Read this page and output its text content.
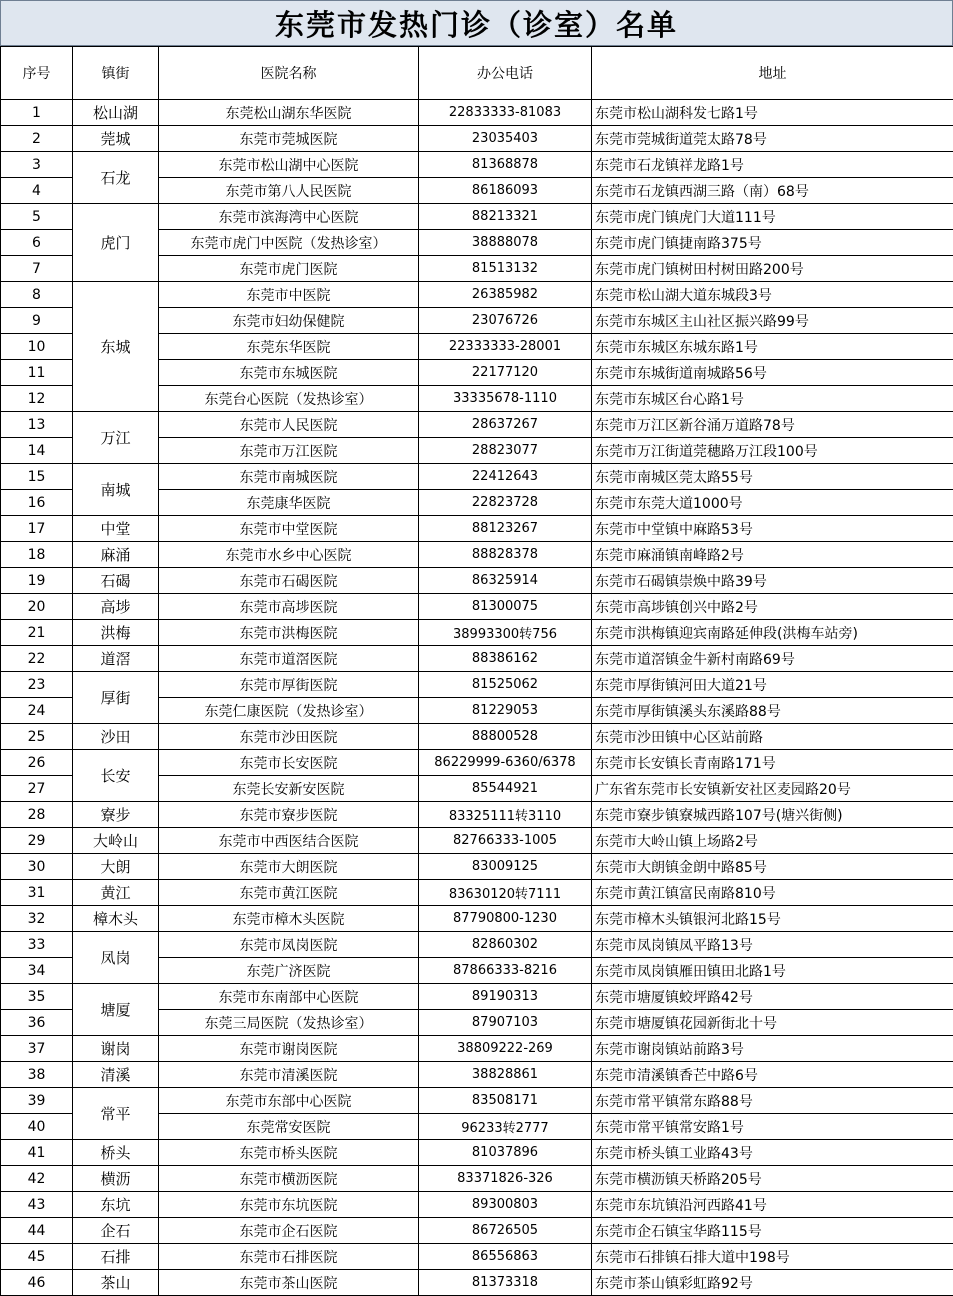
东莞市发热门诊（诊室）名单
序号	镇街	医院名称	办公电话	地址
1	松山湖	东莞松山湖东华医院	22833333-81083	东莞市松山湖科发七路1号
2	莞城	东莞市莞城医院	23035403	东莞市莞城街道莞太路78号
3	石龙	东莞市松山湖中心医院	81368878	东莞市石龙镇祥龙路1号
4		东莞市第八人民医院	86186093	东莞市石龙镇西湖三路（南）68号
5	虎门	东莞市滨海湾中心医院	88213321	东莞市虎门镇虎门大道111号
6		东莞市虎门中医院（发热诊室）	38888078	东莞市虎门镇捷南路375号
7		东莞市虎门医院	81513132	东莞市虎门镇树田村树田路200号
8	东城	东莞市中医院	26385982	东莞市松山湖大道东城段3号
9		东莞市妇幼保健院	23076726	东莞市东城区主山社区振兴路99号
10		东莞东华医院	22333333-28001	东莞市东城区东城东路1号
11		东莞市东城医院	22177120	东莞市东城街道南城路56号
12		东莞台心医院（发热诊室）	33335678-1110	东莞市东城区台心路1号
13	万江	东莞市人民医院	28637267	东莞市万江区新谷涌万道路78号
14		东莞市万江医院	28823077	东莞市万江街道莞穗路万江段100号
15	南城	东莞市南城医院	22412643	东莞市南城区莞太路55号
16		东莞康华医院	22823728	东莞市东莞大道1000号
17	中堂	东莞市中堂医院	88123267	东莞市中堂镇中麻路53号
18	麻涌	东莞市水乡中心医院	88828378	东莞市麻涌镇南峰路2号
19	石碣	东莞市石碣医院	86325914	东莞市石碣镇崇焕中路39号
20	高埗	东莞市高埗医院	81300075	东莞市高埗镇创兴中路2号
21	洪梅	东莞市洪梅医院	38993300转756	东莞市洪梅镇迎宾南路延伸段(洪梅车站旁)
22	道滘	东莞市道滘医院	88386162	东莞市道滘镇金牛新村南路69号
23	厚街	东莞市厚街医院	81525062	东莞市厚街镇河田大道21号
24		东莞仁康医院（发热诊室）	81229053	东莞市厚街镇溪头东溪路88号
25	沙田	东莞市沙田医院	88800528	东莞市沙田镇中心区站前路
26	长安	东莞市长安医院	86229999-6360/6378	东莞市长安镇长青南路171号
27		东莞长安新安医院	85544921	广东省东莞市长安镇新安社区麦园路20号
28	寮步	东莞市寮步医院	83325111转3110	东莞市寮步镇寮城西路107号(塘兴街侧)
29	大岭山	东莞市中西医结合医院	82766333-1005	东莞市大岭山镇上场路2号
30	大朗	东莞市大朗医院	83009125	东莞市大朗镇金朗中路85号
31	黄江	东莞市黄江医院	83630120转7111	东莞市黄江镇富民南路810号
32	樟木头	东莞市樟木头医院	87790800-1230	东莞市樟木头镇银河北路15号
33	凤岗	东莞市凤岗医院	82860302	东莞市凤岗镇凤平路13号
34		东莞广济医院	87866333-8216	东莞市凤岗镇雁田镇田北路1号
35	塘厦	东莞市东南部中心医院	89190313	东莞市塘厦镇蛟坪路42号
36		东莞三局医院（发热诊室）	87907103	东莞市塘厦镇花园新街北十号
37	谢岗	东莞市谢岗医院	38809222-269	东莞市谢岗镇站前路3号
38	清溪	东莞市清溪医院	38828861	东莞市清溪镇香芒中路6号
39	常平	东莞市东部中心医院	83508171	东莞市常平镇常东路88号
40		东莞常安医院	96233转2777	东莞市常平镇常安路1号
41	桥头	东莞市桥头医院	81037896	东莞市桥头镇工业路43号
42	横沥	东莞市横沥医院	83371826-326	东莞市横沥镇天桥路205号
43	东坑	东莞市东坑医院	89300803	东莞市东坑镇沿河西路41号
44	企石	东莞市企石医院	86726505	东莞市企石镇宝华路115号
45	石排	东莞市石排医院	86556863	东莞市石排镇石排大道中198号
46	茶山	东莞市茶山医院	81373318	东莞市茶山镇彩虹路92号
